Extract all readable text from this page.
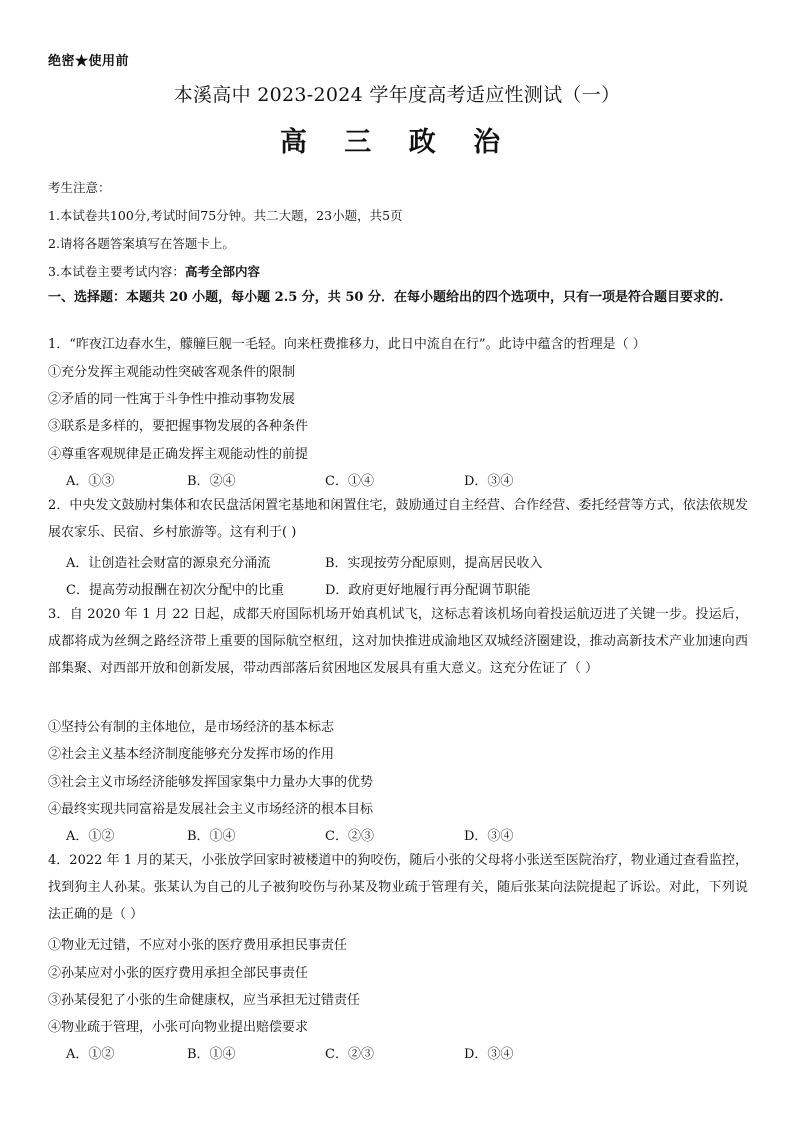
绝密★使用前
本溪高中 2023-2024 学年度高考适应性测试（一）
高 三 政 治
考生注意：
1.本试卷共100分,考试时间75分钟。共二大题，23小题，共5页
2.请将各题答案填写在答题卡上。
3.本试卷主要考试内容：高考全部内容
一、选择题：本题共 20 小题，每小题 2.5 分，共 50 分．在每小题给出的四个选项中，只有一项是符合题目要求的.
1．“昨夜江边春水生，艨艟巨舰一毛轻。向来枉费推移力，此日中流自在行”。此诗中蕴含的哲理是（ ）
①充分发挥主观能动性突破客观条件的限制
②矛盾的同一性寓于斗争性中推动事物发展
③联系是多样的，要把握事物发展的各种条件
④尊重客观规律是正确发挥主观能动性的前提
A．①③	B．②④	C．①④	D．③④
2．中央发文鼓励村集体和农民盘活闲置宅基地和闲置住宅，鼓励通过自主经营、合作经营、委托经营等方式，依法依规发展农家乐、民宿、乡村旅游等。这有利于( )
A．让创造社会财富的源泉充分涌流	B．实现按劳分配原则，提高居民收入
C．提高劳动报酬在初次分配中的比重	D．政府更好地履行再分配调节职能
3．自 2020 年 1 月 22 日起，成都天府国际机场开始真机试飞，这标志着该机场向着投运航迈进了关键一步。投运后，成都将成为丝绸之路经济带上重要的国际航空枢纽，这对加快推进成渝地区双城经济圈建设，推动高新技术产业加速向西部集聚、对西部开放和创新发展，带动西部落后贫困地区发展具有重大意义。这充分佐证了（ ）
①坚持公有制的主体地位，是市场经济的基本标志
②社会主义基本经济制度能够充分发挥市场的作用
③社会主义市场经济能够发挥国家集中力量办大事的优势
④最终实现共同富裕是发展社会主义市场经济的根本目标
A．①②	B．①④	C．②③	D．③④
4．2022 年 1 月的某天，小张放学回家时被楼道中的狗咬伤，随后小张的父母将小张送至医院治疗，物业通过查看监控，找到狗主人孙某。张某认为自己的儿子被狗咬伤与孙某及物业疏于管理有关，随后张某向法院提起了诉讼。对此，下列说法正确的是（ ）
①物业无过错，不应对小张的医疗费用承担民事责任
②孙某应对小张的医疗费用承担全部民事责任
③孙某侵犯了小张的生命健康权，应当承担无过错责任
④物业疏于管理，小张可向物业提出赔偿要求
A．①②	B．①④	C．②③	D．③④
